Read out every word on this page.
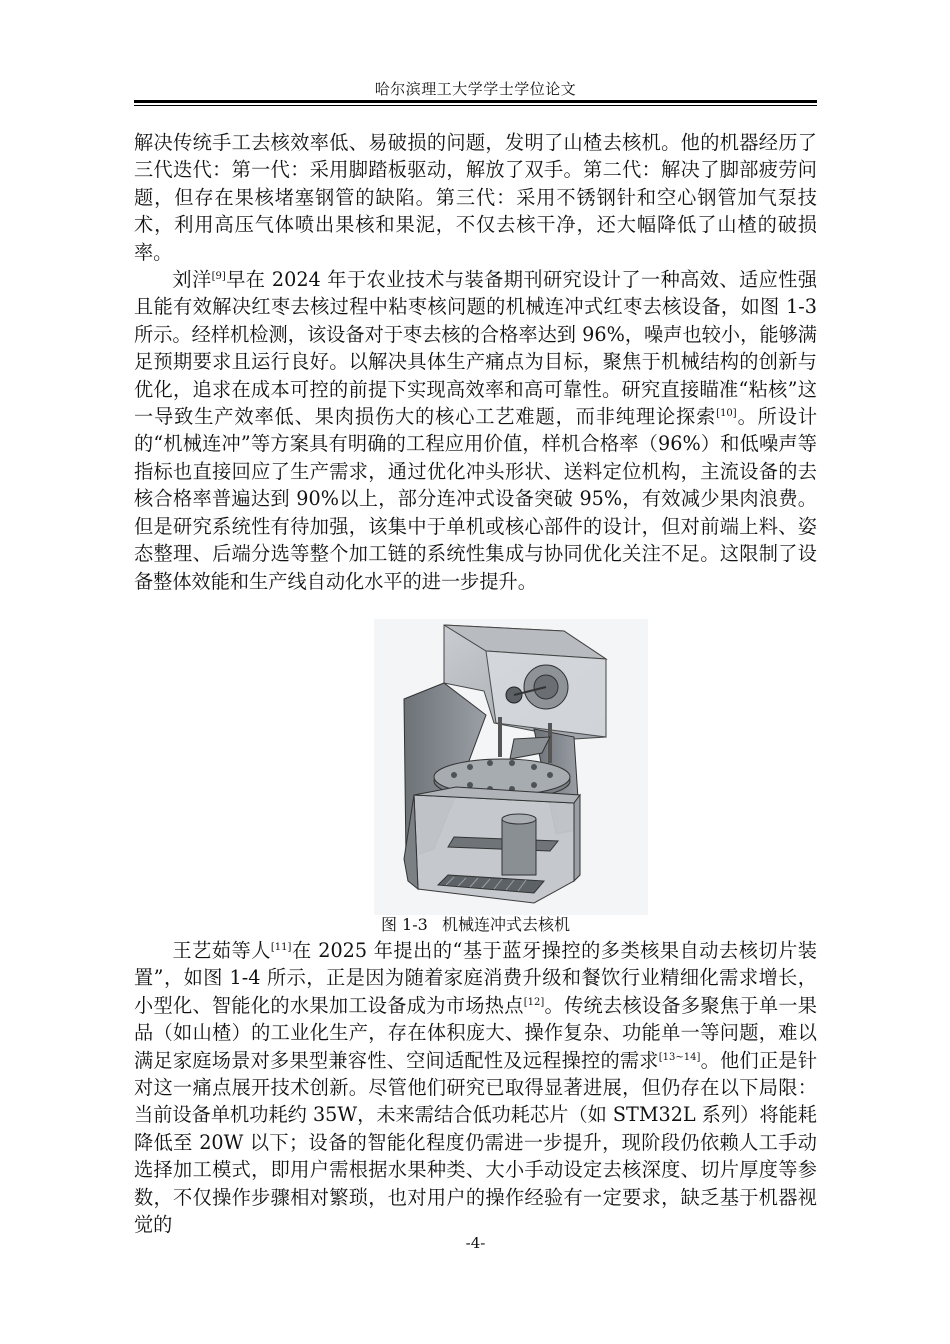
哈尔滨理工大学学士学位论文

解决传统手工去核效率低、易破损的问题，发明了山楂去核机。他的机器经历了三代迭代：第一代：采用脚踏板驱动，解放了双手。第二代：解决了脚部疲劳问题，但存在果核堵塞钢管的缺陷。第三代：采用不锈钢针和空心钢管加气泵技术，利用高压气体喷出果核和果泥，不仅去核干净，还大幅降低了山楂的破损率。

刘洋[9]早在 2024 年于农业技术与装备期刊研究设计了一种高效、适应性强且能有效解决红枣去核过程中粘枣核问题的机械连冲式红枣去核设备，如图 1-3 所示。经样机检测，该设备对于枣去核的合格率达到 96%，噪声也较小，能够满足预期要求且运行良好。以解决具体生产痛点为目标，聚焦于机械结构的创新与优化，追求在成本可控的前提下实现高效率和高可靠性。研究直接瞄准“粘核”这一导致生产效率低、果肉损伤大的核心工艺难题，而非纯理论探索[10]。所设计的“机械连冲”等方案具有明确的工程应用价值，样机合格率（96%）和低噪声等指标也直接回应了生产需求，通过优化冲头形状、送料定位机构，主流设备的去核合格率普遍达到 90%以上，部分连冲式设备突破 95%，有效减少果肉浪费。但是研究系统性有待加强，该集中于单机或核心部件的设计，但对前端上料、姿态整理、后端分选等整个加工链的系统性集成与协同优化关注不足。这限制了设备整体效能和生产线自动化水平的进一步提升。

图 1-3 机械连冲式去核机

王艺茹等人[11]在 2025 年提出的“基于蓝牙操控的多类核果自动去核切片装置”，如图 1-4 所示，正是因为随着家庭消费升级和餐饮行业精细化需求增长，小型化、智能化的水果加工设备成为市场热点[12]。传统去核设备多聚焦于单一果品（如山楂）的工业化生产，存在体积庞大、操作复杂、功能单一等问题，难以满足家庭场景对多果型兼容性、空间适配性及远程操控的需求[13~14]。他们正是针对这一痛点展开技术创新。尽管他们研究已取得显著进展，但仍存在以下局限：当前设备单机功耗约 35W，未来需结合低功耗芯片（如 STM32L 系列）将能耗降低至 20W 以下；设备的智能化程度仍需进一步提升，现阶段仍依赖人工手动选择加工模式，即用户需根据水果种类、大小手动设定去核深度、切片厚度等参数，不仅操作步骤相对繁琐，也对用户的操作经验有一定要求，缺乏基于机器视觉的

-4-
